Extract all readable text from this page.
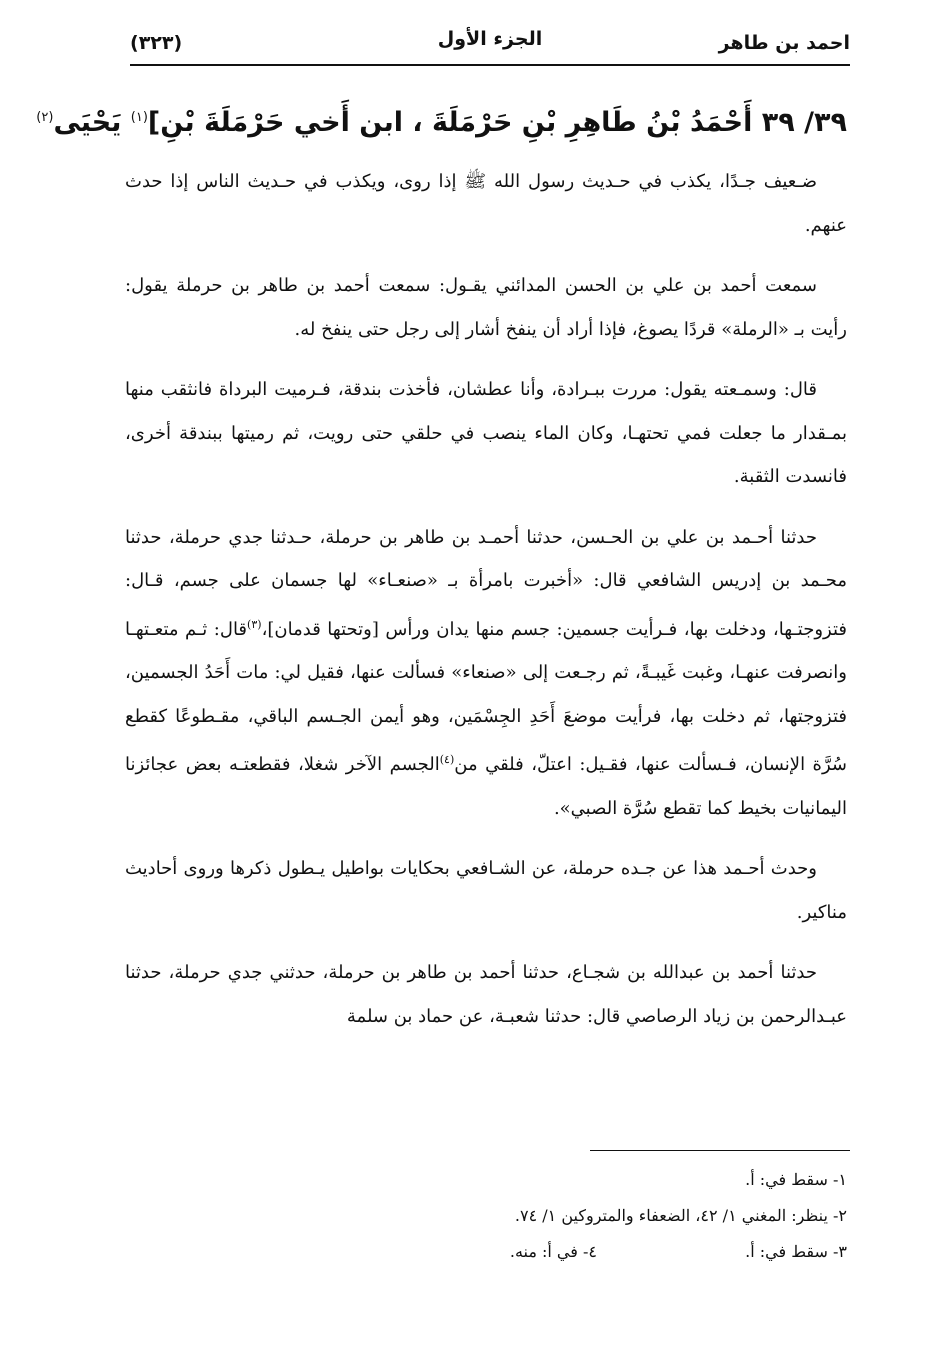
احمد بن طاهر
الجزء الأول
(٣٢٣)
٣٩/ ٣٩ أَحْمَدُ بْنُ طَاهِرِ بْنِ حَرْمَلَةَ ، ابن أَخي حَرْمَلَةَ بْنِ]$^{(١)}$ يَحْيَى$^{(٢)}$

ضـعيف جـدًا، يكذب في حـديث رسول الله ﷺ إذا روى، ويكذب في حـديث الناس إذا حدث عنهم.

سمعت أحمد بن علي بن الحسن المدائني يقـول: سمعت أحمد بن طاهر بن حرملة يقول: رأيت بـ «الرملة» قردًا يصوغ، فإذا أراد أن ينفخ أشار إلى رجل حتى ينفخ له.

قال: وسمـعته يقول: مررت ببـرادة، وأنا عطشان، فأخذت بندقة، فـرميت البرداة فانثقب منها بمـقدار ما جعلت فمي تحتهـا، وكان الماء ينصب في حلقي حتى رويت، ثم رميتها ببندقة أخرى، فانسدت الثقبة.

حدثنا أحـمد بن علي بن الحـسن، حدثنا أحمـد بن طاهر بن حرملة، حـدثنا جدي حرملة، حدثنا محـمد بن إدريس الشافعي قال: «أخبرت بامرأة بـ «صنعـاء» لها جسمان على جسم، قـال: فتزوجتـها، ودخلت بها، فـرأيت جسمين: جسم منها يدان ورأس [وتحتها قدمان]،$^{(٣)}$قال: ثـم متعـتهـا وانصرفت عنهـا، وغبت غَيبـةً، ثم رجـعت إلى «صنعاء» فسألت عنها، فقيل لي: مات أَحَدُ الجسمين، فتزوجتها، ثم دخلت بها، فرأيت موضعَ أَحَدِ الجِسْمَين، وهو أيمن الجـسم الباقي، مقـطوعًا كقطع سُرَّة الإنسان، فـسألت عنها، فقـيل: اعتلّ، فلقي من$^{(٤)}$الجسم الآخر شغلا، فقطعتـه بعض عجائزنا اليمانيات بخيط كما تقطع سُرَّة الصبي».

وحدث أحـمد هذا عن جـده حرملة، عن الشـافعي بحكايات بواطيل يـطول ذكرها وروى أحاديث مناكير.

حدثنا أحمد بن عبدالله بن شجـاع، حدثنا أحمد بن طاهر بن حرملة، حدثني جدي حرملة، حدثنا عبـدالرحمن بن زياد الرصاصي قال: حدثنا شعبـة، عن حماد بن سلمة

١- سقط في: أ.
٢- ينظر: المغني ١/ ٤٢، الضعفاء والمتروكين ١/ ٧٤.
٣- سقط في: أ.
٤- في أ: منه.
